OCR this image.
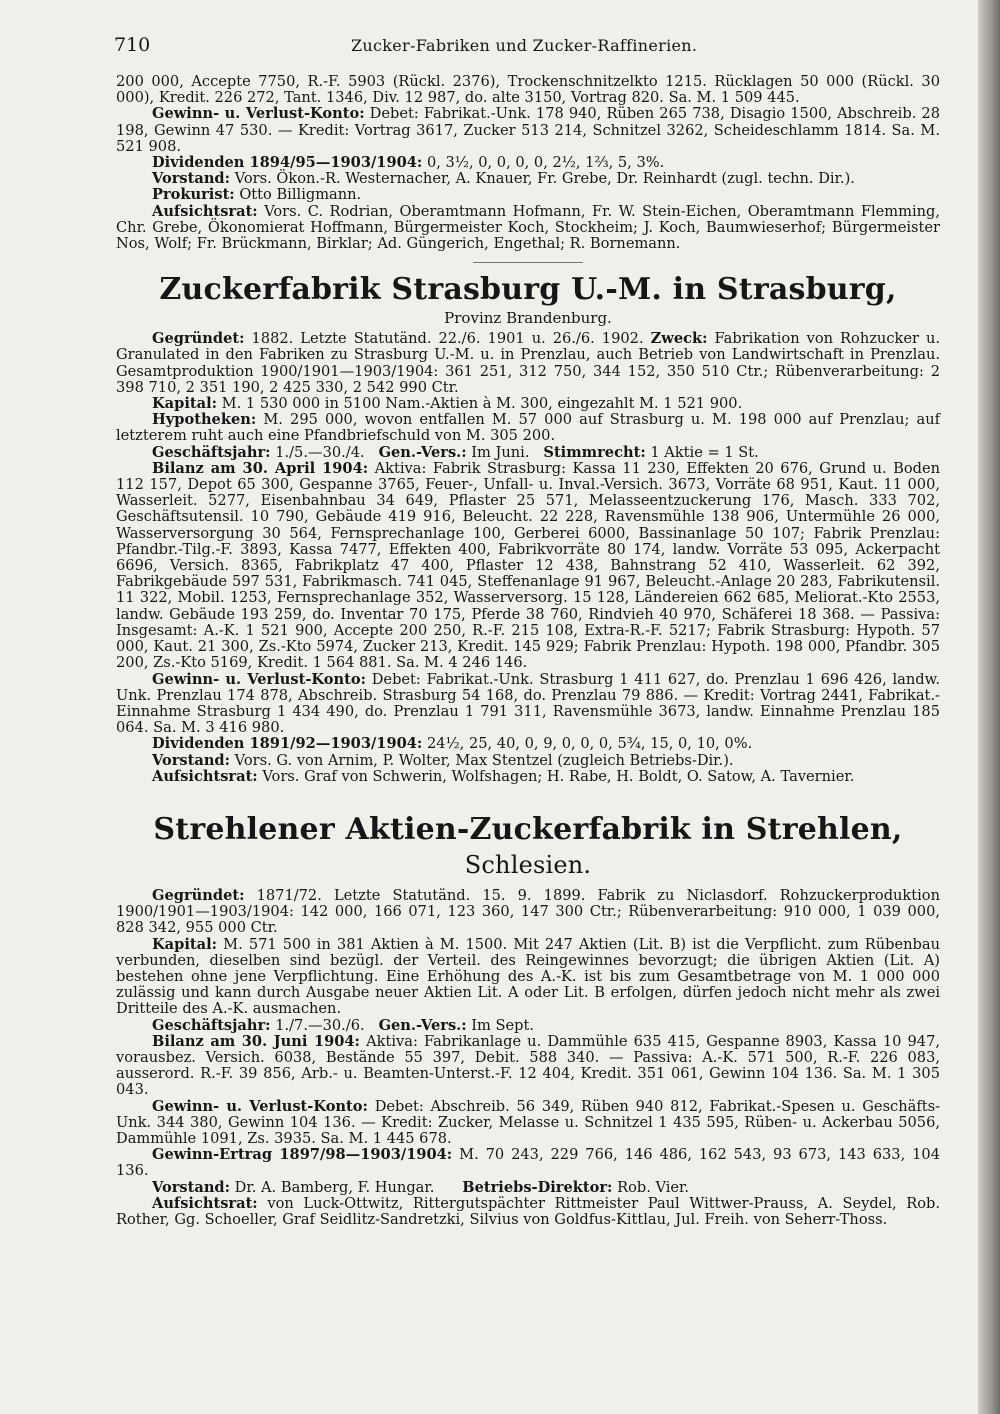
710	Zucker-Fabriken und Zucker-Raffinerien.

200 000, Accepte 7750, R.-F. 5903 (Rückl. 2376), Trockenschnitzelkto 1215. Rücklagen 50 000 (Rückl. 30 000), Kredit. 226 272, Tant. 1346, Div. 12 987, do. alte 3150, Vortrag 820. Sa. M. 1 509 445.

Gewinn- u. Verlust-Konto: Debet: Fabrikat.-Unk. 178 940, Rüben 265 738, Disagio 1500, Abschreib. 28 198, Gewinn 47 530. — Kredit: Vortrag 3617, Zucker 513 214, Schnitzel 3262, Scheideschlamm 1814. Sa. M. 521 908.

Dividenden 1894/95—1903/1904: 0, 3½, 0, 0, 0, 0, 2½, 1⅔, 5, 3%.

Vorstand: Vors. Ökon.-R. Westernacher, A. Knauer, Fr. Grebe, Dr. Reinhardt (zugl. techn. Dir.).

Prokurist: Otto Billigmann.

Aufsichtsrat: Vors. C. Rodrian, Oberamtmann Hofmann, Fr. W. Stein-Eichen, Oberamtmann Flemming, Chr. Grebe, Ökonomierat Hoffmann, Bürgermeister Koch, Stockheim; J. Koch, Baumwieserhof; Bürgermeister Nos, Wolf; Fr. Brückmann, Birklar; Ad. Güngerich, Engethal; R. Bornemann.

Zuckerfabrik Strasburg U.-M. in Strasburg,
Provinz Brandenburg.

Gegründet: 1882. Letzte Statutänd. 22./6. 1901 u. 26./6. 1902. Zweck: Fabrikation von Rohzucker u. Granulated in den Fabriken zu Strasburg U.-M. u. in Prenzlau, auch Betrieb von Landwirtschaft in Prenzlau. Gesamtproduktion 1900/1901—1903/1904: 361 251, 312 750, 344 152, 350 510 Ctr.; Rübenverarbeitung: 2 398 710, 2 351 190, 2 425 330, 2 542 990 Ctr.

Kapital: M. 1 530 000 in 5100 Nam.-Aktien à M. 300, eingezahlt M. 1 521 900.

Hypotheken: M. 295 000, wovon entfallen M. 57 000 auf Strasburg u. M. 198 000 auf Prenzlau; auf letzterem ruht auch eine Pfandbriefschuld von M. 305 200.

Geschäftsjahr: 1./5.—30./4. Gen.-Vers.: Im Juni. Stimmrecht: 1 Aktie = 1 St.

Bilanz am 30. April 1904: Aktiva: Fabrik Strasburg: Kassa 11 230, Effekten 20 676, Grund u. Boden 112 157, Depot 65 300, Gespanne 3765, Feuer-, Unfall- u. Inval.-Versich. 3673, Vorräte 68 951, Kaut. 11 000, Wasserleit. 5277, Eisenbahnbau 34 649, Pflaster 25 571, Melasseentzuckerung 176, Masch. 333 702, Geschäftsutensil. 10 790, Gebäude 419 916, Beleucht. 22 228, Ravensmühle 138 906, Untermühle 26 000, Wasserversorgung 30 564, Fernsprechanlage 100, Gerberei 6000, Bassinanlage 50 107; Fabrik Prenzlau: Pfandbr.-Tilg.-F. 3893, Kassa 7477, Effekten 400, Fabrikvorräte 80 174, landw. Vorräte 53 095, Ackerpacht 6696, Versich. 8365, Fabrikplatz 47 400, Pflaster 12 438, Bahnstrang 52 410, Wasserleit. 62 392, Fabrikgebäude 597 531, Fabrikmasch. 741 045, Steffenanlage 91 967, Beleucht.-Anlage 20 283, Fabrikutensil. 11 322, Mobil. 1253, Fernsprechanlage 352, Wasserversorg. 15 128, Ländereien 662 685, Meliorat.-Kto 2553, landw. Gebäude 193 259, do. Inventar 70 175, Pferde 38 760, Rindvieh 40 970, Schäferei 18 368. — Passiva: Insgesamt: A.-K. 1 521 900, Accepte 200 250, R.-F. 215 108, Extra-R.-F. 5217; Fabrik Strasburg: Hypoth. 57 000, Kaut. 21 300, Zs.-Kto 5974, Zucker 213, Kredit. 145 929; Fabrik Prenzlau: Hypoth. 198 000, Pfandbr. 305 200, Zs.-Kto 5169, Kredit. 1 564 881. Sa. M. 4 246 146.

Gewinn- u. Verlust-Konto: Debet: Fabrikat.-Unk. Strasburg 1 411 627, do. Prenzlau 1 696 426, landw. Unk. Prenzlau 174 878, Abschreib. Strasburg 54 168, do. Prenzlau 79 886. — Kredit: Vortrag 2441, Fabrikat.-Einnahme Strasburg 1 434 490, do. Prenzlau 1 791 311, Ravensmühle 3673, landw. Einnahme Prenzlau 185 064. Sa. M. 3 416 980.

Dividenden 1891/92—1903/1904: 24½, 25, 40, 0, 9, 0, 0, 0, 5¾, 15, 0, 10, 0%.

Vorstand: Vors. G. von Arnim, P. Wolter, Max Stentzel (zugleich Betriebs-Dir.).

Aufsichtsrat: Vors. Graf von Schwerin, Wolfshagen; H. Rabe, H. Boldt, O. Satow, A. Tavernier.

Strehlener Aktien-Zuckerfabrik in Strehlen, Schlesien.

Gegründet: 1871/72. Letzte Statutänd. 15. 9. 1899. Fabrik zu Niclasdorf. Rohzuckerproduktion 1900/1901—1903/1904: 142 000, 166 071, 123 360, 147 300 Ctr.; Rübenverarbeitung: 910 000, 1 039 000, 828 342, 955 000 Ctr.

Kapital: M. 571 500 in 381 Aktien à M. 1500. Mit 247 Aktien (Lit. B) ist die Verpflicht. zum Rübenbau verbunden, dieselben sind bezügl. der Verteil. des Reingewinnes bevorzugt; die übrigen Aktien (Lit. A) bestehen ohne jene Verpflichtung. Eine Erhöhung des A.-K. ist bis zum Gesamtbetrage von M. 1 000 000 zulässig und kann durch Ausgabe neuer Aktien Lit. A oder Lit. B erfolgen, dürfen jedoch nicht mehr als zwei Dritteile des A.-K. ausmachen.

Geschäftsjahr: 1./7.—30./6. Gen.-Vers.: Im Sept.

Bilanz am 30. Juni 1904: Aktiva: Fabrikanlage u. Dammühle 635 415, Gespanne 8903, Kassa 10 947, vorausbez. Versich. 6038, Bestände 55 397, Debit. 588 340. — Passiva: A.-K. 571 500, R.-F. 226 083, ausserord. R.-F. 39 856, Arb.- u. Beamten-Unterst.-F. 12 404, Kredit. 351 061, Gewinn 104 136. Sa. M. 1 305 043.

Gewinn- u. Verlust-Konto: Debet: Abschreib. 56 349, Rüben 940 812, Fabrikat.-Spesen u. Geschäfts-Unk. 344 380, Gewinn 104 136. — Kredit: Zucker, Melasse u. Schnitzel 1 435 595, Rüben- u. Ackerbau 5056, Dammühle 1091, Zs. 3935. Sa. M. 1 445 678.

Gewinn-Ertrag 1897/98—1903/1904: M. 70 243, 229 766, 146 486, 162 543, 93 673, 143 633, 104 136.

Vorstand: Dr. A. Bamberg, F. Hungar. Betriebs-Direktor: Rob. Vier.

Aufsichtsrat: von Luck-Ottwitz, Rittergutspächter Rittmeister Paul Wittwer-Prauss, A. Seydel, Rob. Rother, Gg. Schoeller, Graf Seidlitz-Sandretzki, Silvius von Goldfus-Kittlau, Jul. Freih. von Seherr-Thoss.
